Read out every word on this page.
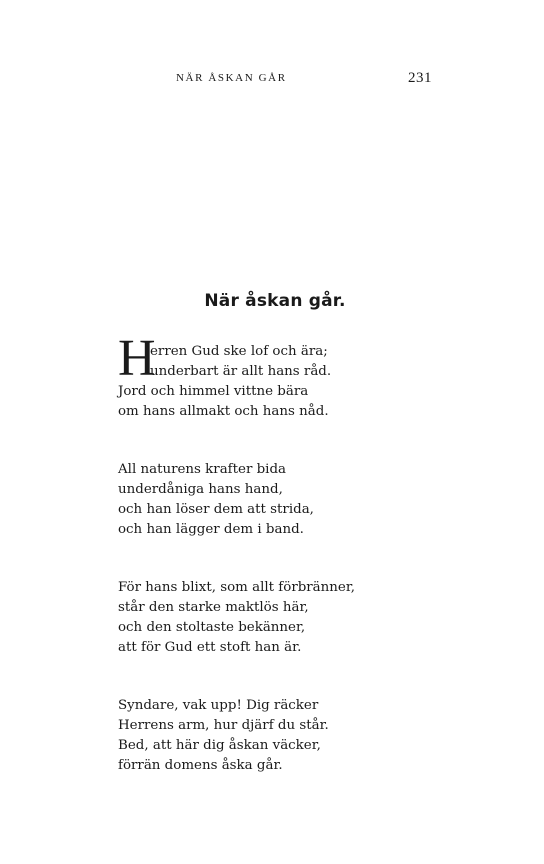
NÄR ÅSKAN GÅR	231
När åskan går.
H
erren Gud ske lof och ära;
underbart är allt hans råd.
Jord och himmel vittne bära
om hans allmakt och hans nåd.
All naturens krafter bida
underdåniga hans hand,
och han löser dem att strida,
och han lägger dem i band.
För hans blixt, som allt förbränner,
står den starke maktlös här,
och den stoltaste bekänner,
att för Gud ett stoft han är.
Syndare, vak upp! Dig räcker
Herrens arm, hur djärf du står.
Bed, att här dig åskan väcker,
förrän domens åska går.
